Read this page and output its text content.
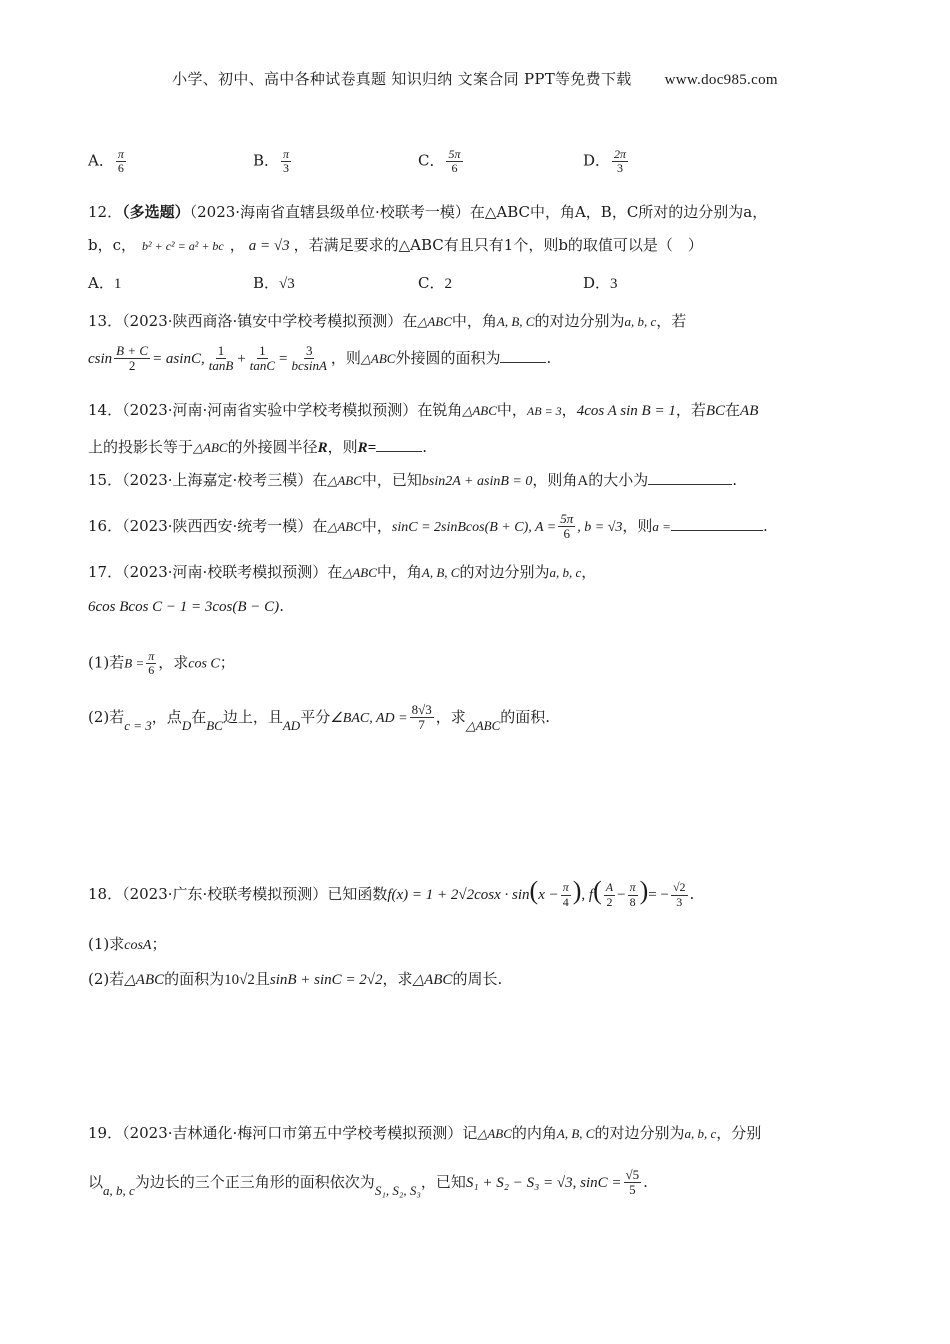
小学、初中、高中各种试卷真题 知识归纳 文案合同 PPT等免费下载 www.doc985.com
A． $\frac{\pi}{6}$	B． $\frac{\pi}{3}$	C． $\frac{5\pi}{6}$	D． $\frac{2\pi}{3}$
12．（多选题）（2023·海南省直辖县级单位·校联考一模）在△ABC中，角A，B，C所对的边分别为a，
b，c， b² + c² = a² + bc ， a = √3 ，若满足要求的△ABC有且只有1个，则b的取值可以是（　）
A．1	B．√3	C．2	D．3
13．（2023·陕西商洛·镇安中学校考模拟预测）在△ABC中，角A, B, C的对边分别为a, b, c，若
csin $\frac{B + C}{2} = asinC$, $\frac{1}{\tan B} + \frac{1}{\tan C} = \frac{3}{bcsinA}$ ，则△ABC外接圆的面积为	.
14．（2023·河南·河南省实验中学校考模拟预测）在锐角△ABC中，AB = 3，4cos A sin B = 1，若BC在AB
上的投影长等于△ABC的外接圆半径R，则R=	.
15．（2023·上海嘉定·校考三模）在△ABC中，已知bsin2A + asinB = 0，则角A的大小为	.
16．（2023·陕西西安·统考一模）在△ABC中，sinC = 2sinBcos(B + C), $A = \frac{5\pi}{6}$ , b = √3，则a =	.
17．（2023·河南·校联考模拟预测）在△ABC中，角A, B, C的对边分别为a, b, c，
6cos Bcos C − 1 = 3cos(B − C).
(1)若$B = \frac{\pi}{6}$ ，求cos C；
(2)若c = 3，点D在BC边上，且AD平分∠BAC, AD = $\frac{8√3}{7}$ ，求△ABC的面积.
18．（2023·广东·校联考模拟预测）已知函数$f(x) = 1 + 2√2\cos x \cdot \sin(x - \frac{\pi}{4}$ ), $f( \frac{A}{2} - \frac{\pi}{8}$ )= − $\frac{√2}{3}$ .
(1)求cosA；
(2)若△ABC的面积为10√2且sinB + sinC = 2√2，求△ABC的周长.
19．（2023·吉林通化·梅河口市第五中学校考模拟预测）记△ABC的内角A, B, C的对边分别为a, b, c，分别
以a, b, c为边长的三个正三角形的面积依次为S₁, S₂, S₃，已知S₁ + S₂ − S₃ = √3, $\sin C = \frac{√5}{5}$ .
